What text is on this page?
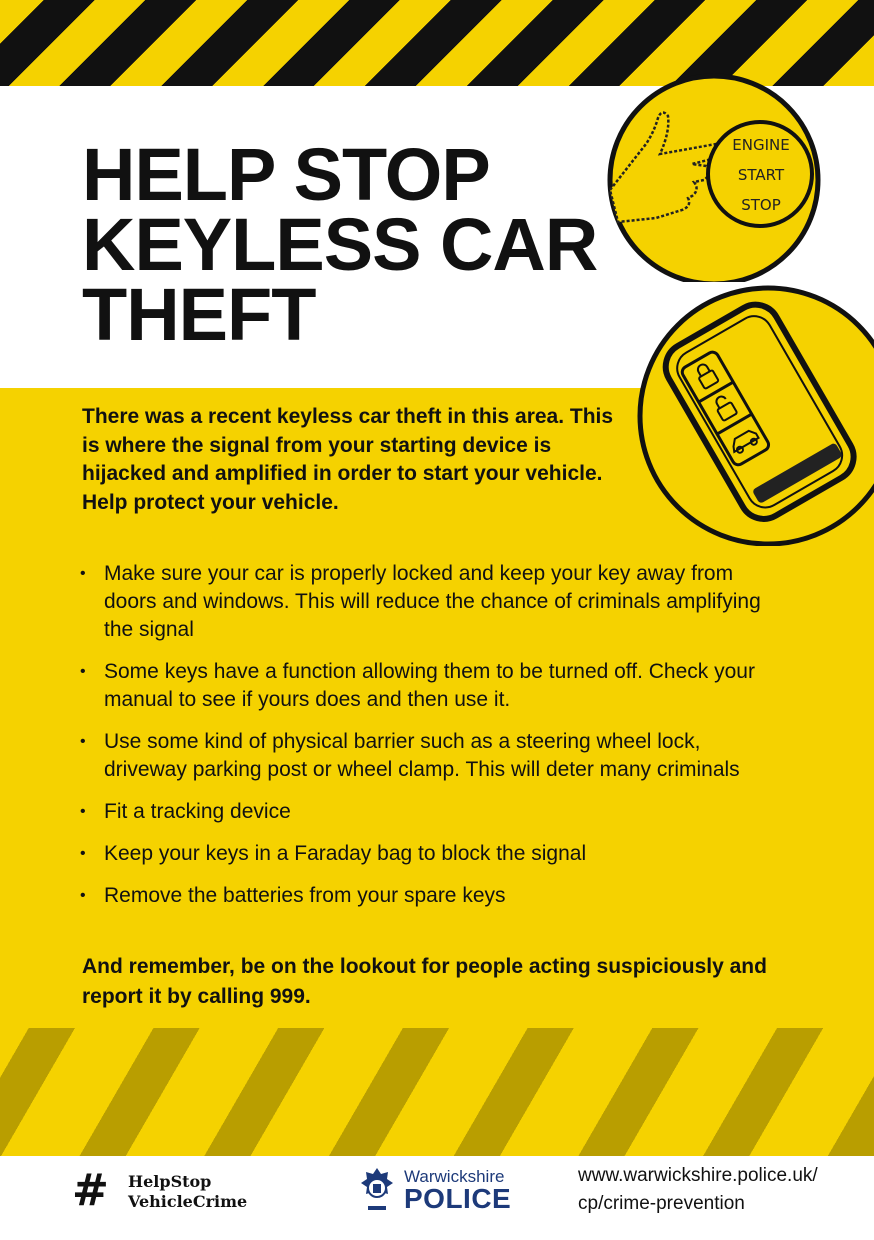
HELP STOP
KEYLESS CAR
THEFT
ENGINE
START
STOP

There was a recent keyless car theft in this area. This is where the signal from your starting device is hijacked and amplified in order to start your vehicle. Help protect your vehicle.

• Make sure your car is properly locked and keep your key away from doors and windows. This will reduce the chance of criminals amplifying the signal
• Some keys have a function allowing them to be turned off. Check your manual to see if yours does and then use it.
• Use some kind of physical barrier such as a steering wheel lock, driveway parking post or wheel clamp. This will deter many criminals
• Fit a tracking device
• Keep your keys in a Faraday bag to block the signal
• Remove the batteries from your spare keys

And remember, be on the lookout for people acting suspiciously and report it by calling 999.

# HelpStop
VehicleCrime
Warwickshire
POLICE
www.warwickshire.police.uk/
cp/crime-prevention
